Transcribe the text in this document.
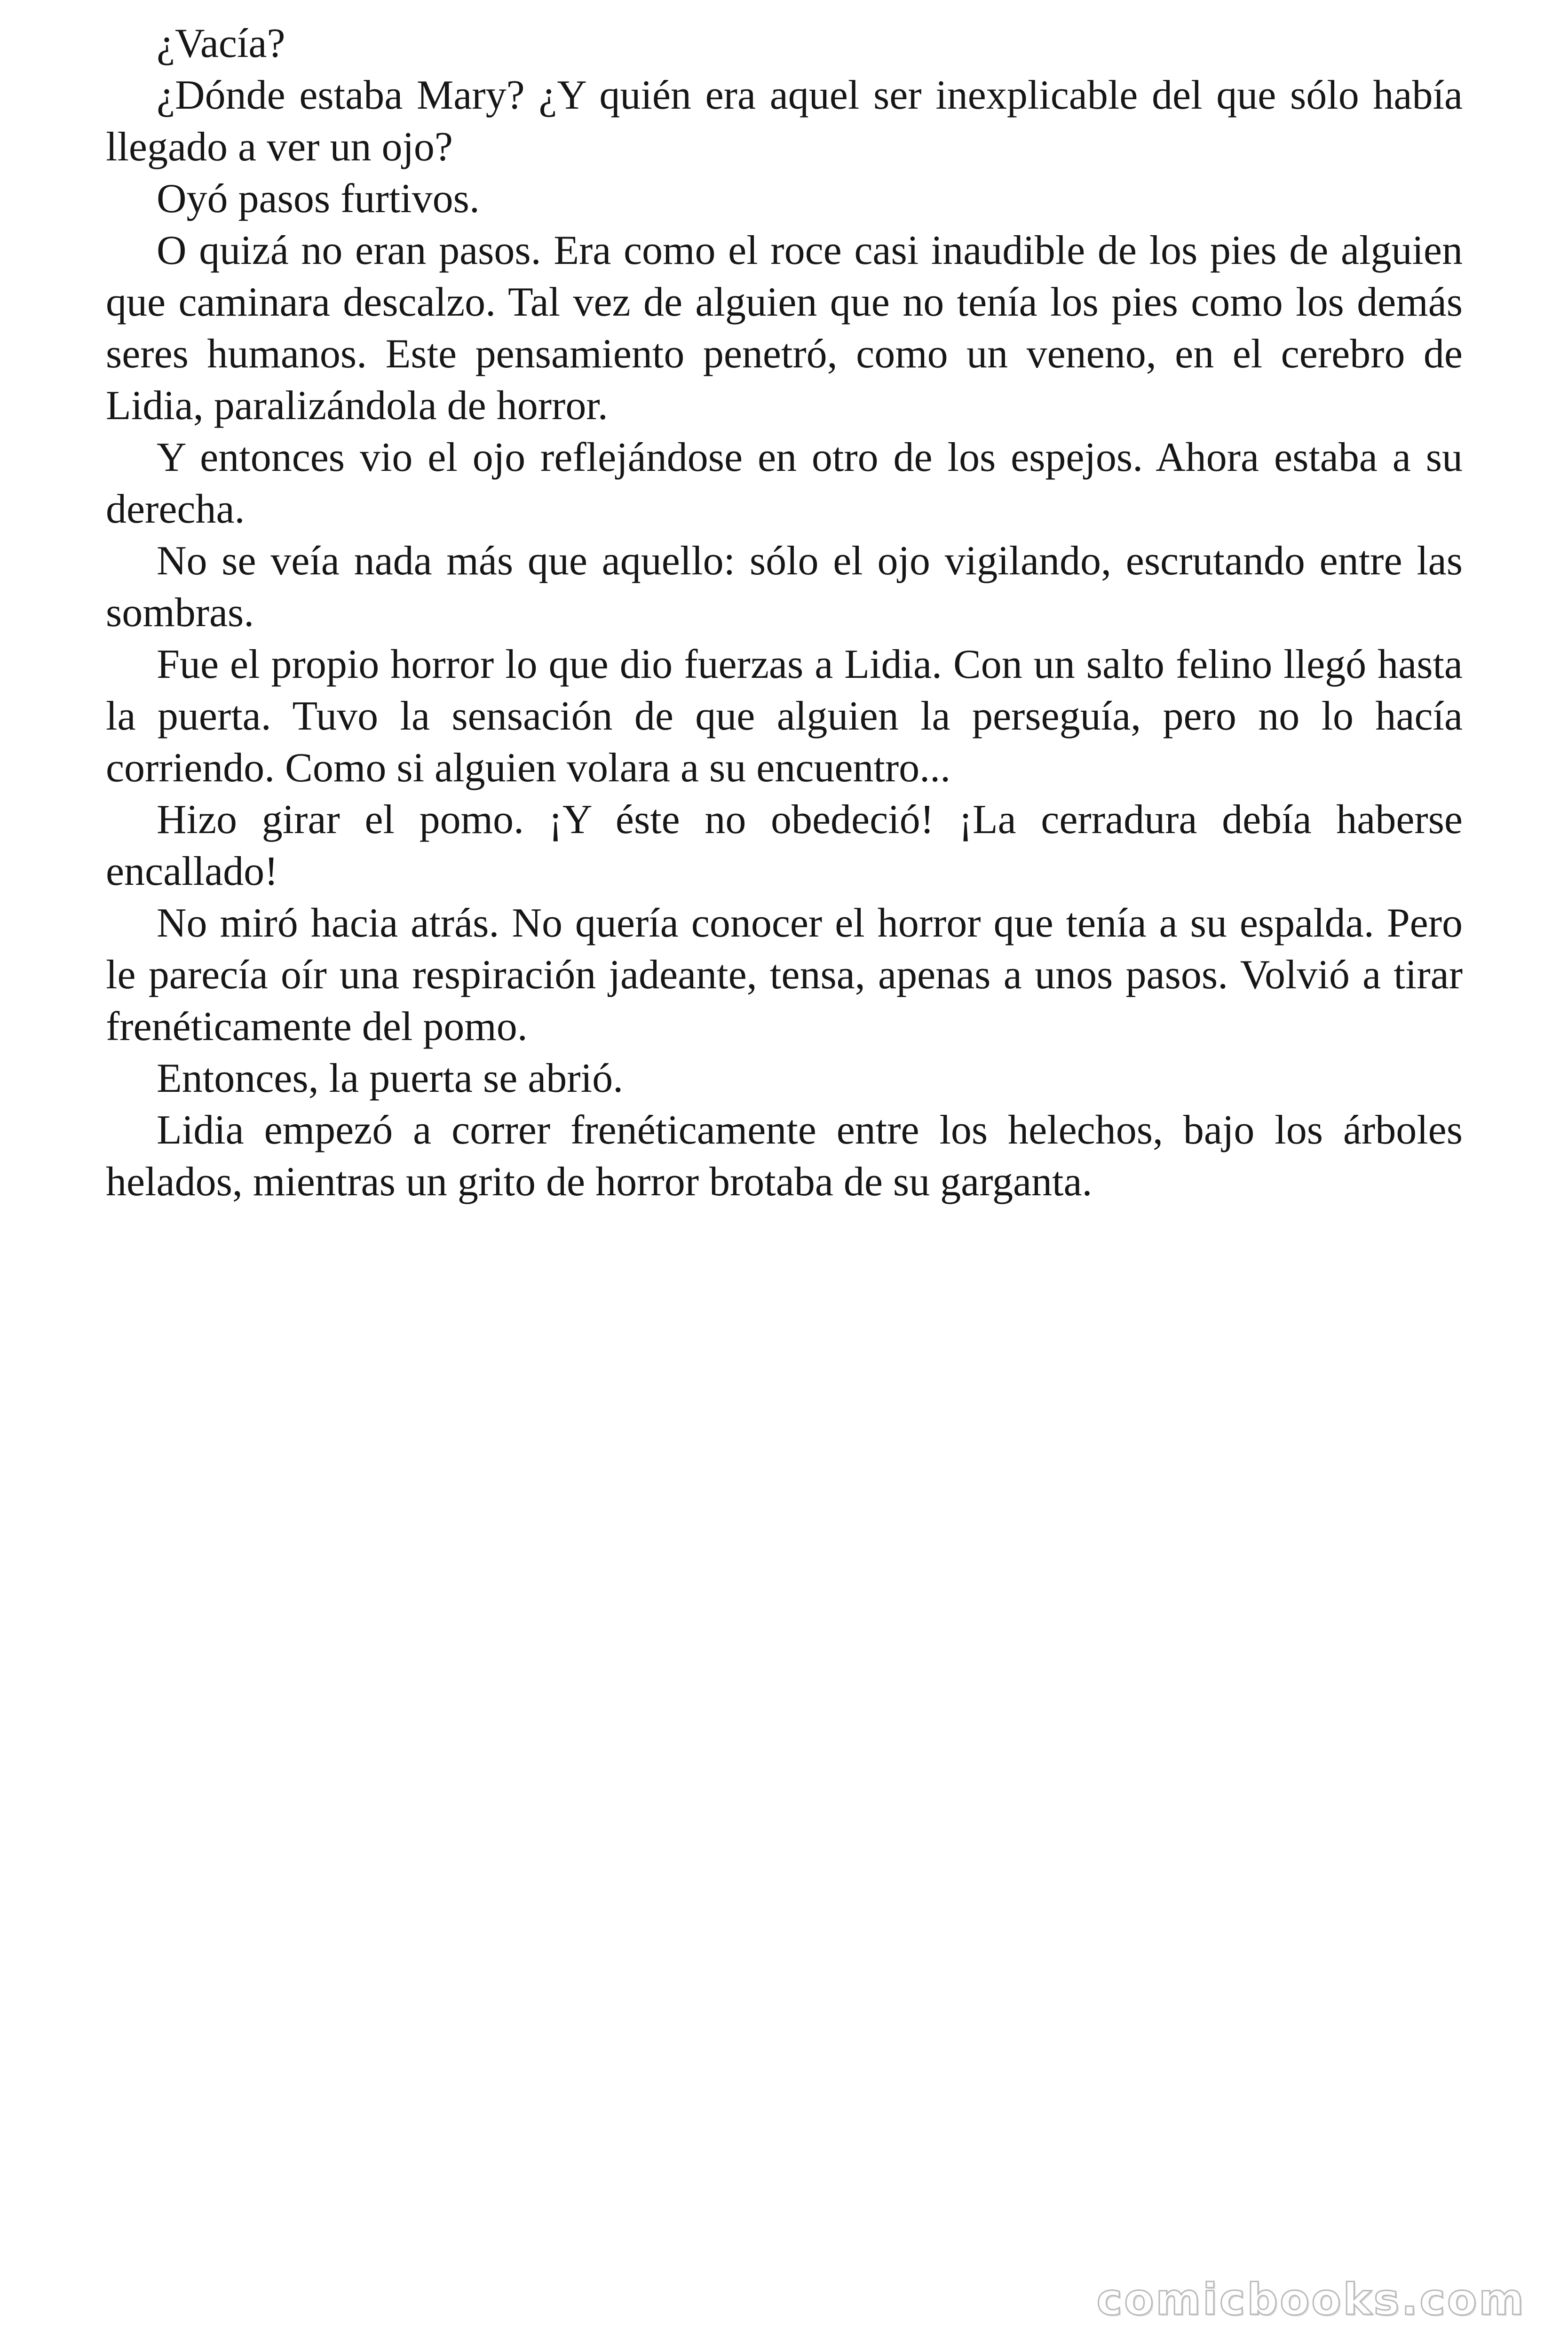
¿Vacía?

¿Dónde estaba Mary? ¿Y quién era aquel ser inexplicable del que sólo había llegado a ver un ojo?

Oyó pasos furtivos.

O quizá no eran pasos. Era como el roce casi inaudible de los pies de alguien que caminara descalzo. Tal vez de alguien que no tenía los pies como los demás seres humanos. Este pensamiento penetró, como un veneno, en el cerebro de Lidia, paralizándola de horror.

Y entonces vio el ojo reflejándose en otro de los espejos. Ahora estaba a su derecha.

No se veía nada más que aquello: sólo el ojo vigilando, escrutando entre las sombras.

Fue el propio horror lo que dio fuerzas a Lidia. Con un salto felino llegó hasta la puerta. Tuvo la sensación de que alguien la perseguía, pero no lo hacía corriendo. Como si alguien volara a su encuentro...

Hizo girar el pomo. ¡Y éste no obedeció! ¡La cerradura debía haberse encallado!

No miró hacia atrás. No quería conocer el horror que tenía a su espalda. Pero le parecía oír una respiración jadeante, tensa, apenas a unos pasos. Volvió a tirar frenéticamente del pomo.

Entonces, la puerta se abrió.

Lidia empezó a correr frenéticamente entre los helechos, bajo los árboles helados, mientras un grito de horror brotaba de su garganta.

comicbooks.com
